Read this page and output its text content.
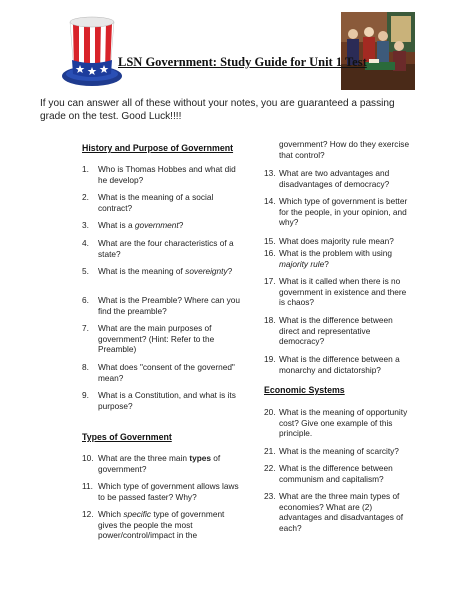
LSN Government: Study Guide for Unit 1 Test
If you can answer all of these without your notes, you are guaranteed a passing grade on the test. Good Luck!!!!
History and Purpose of Government
1. Who is Thomas Hobbes and what did he develop?
2. What is the meaning of a social contract?
3. What is a government?
4. What are the four characteristics of a state?
5. What is the meaning of sovereignty?
6. What is the Preamble? Where can you find the preamble?
7. What are the main purposes of government? (Hint: Refer to the Preamble)
8. What does "consent of the governed" mean?
9. What is a Constitution, and what is its purpose?
Types of Government
10. What are the three main types of government?
11. Which type of government allows laws to be passed faster? Why?
12. Which specific type of government gives the people the most power/control/impact in the
government? How do they exercise that control?
13. What are two advantages and disadvantages of democracy?
14. Which type of government is better for the people, in your opinion, and why?
15. What does majority rule mean?
16. What is the problem with using majority rule?
17. What is it called when there is no government in existence and there is chaos?
18. What is the difference between direct and representative democracy?
19. What is the difference between a monarchy and dictatorship?
Economic Systems
20. What is the meaning of opportunity cost? Give one example of this principle.
21. What is the meaning of scarcity?
22. What is the difference between communism and capitalism?
23. What are the three main types of economies? What are (2) advantages and disadvantages of each?
